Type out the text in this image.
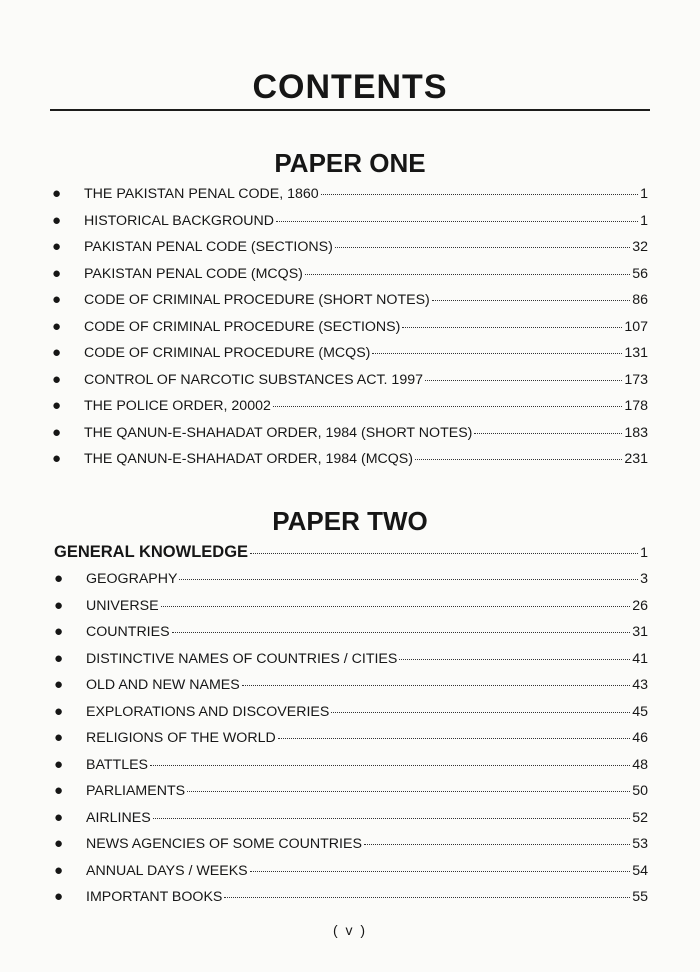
CONTENTS
PAPER ONE
●	THE PAKISTAN PENAL CODE, 1860	1
●	HISTORICAL BACKGROUND	1
●	PAKISTAN PENAL CODE (SECTIONS)	32
●	PAKISTAN PENAL CODE (MCQS)	56
●	CODE OF CRIMINAL PROCEDURE (SHORT NOTES)	86
●	CODE OF CRIMINAL PROCEDURE (SECTIONS)	107
●	CODE OF CRIMINAL PROCEDURE (MCQS)	131
●	CONTROL OF NARCOTIC SUBSTANCES ACT. 1997	173
●	THE POLICE ORDER, 20002	178
●	THE QANUN-E-SHAHADAT ORDER, 1984 (SHORT NOTES)	183
●	THE QANUN-E-SHAHADAT ORDER, 1984 (MCQS)	231
PAPER TWO
GENERAL KNOWLEDGE	1
●	GEOGRAPHY	3
●	UNIVERSE	26
●	COUNTRIES	31
●	DISTINCTIVE NAMES OF COUNTRIES / CITIES	41
●	OLD AND NEW NAMES	43
●	EXPLORATIONS AND DISCOVERIES	45
●	RELIGIONS OF THE WORLD	46
●	BATTLES	48
●	PARLIAMENTS	50
●	AIRLINES	52
●	NEWS AGENCIES OF SOME COUNTRIES	53
●	ANNUAL DAYS / WEEKS	54
●	IMPORTANT BOOKS	55
( v )
